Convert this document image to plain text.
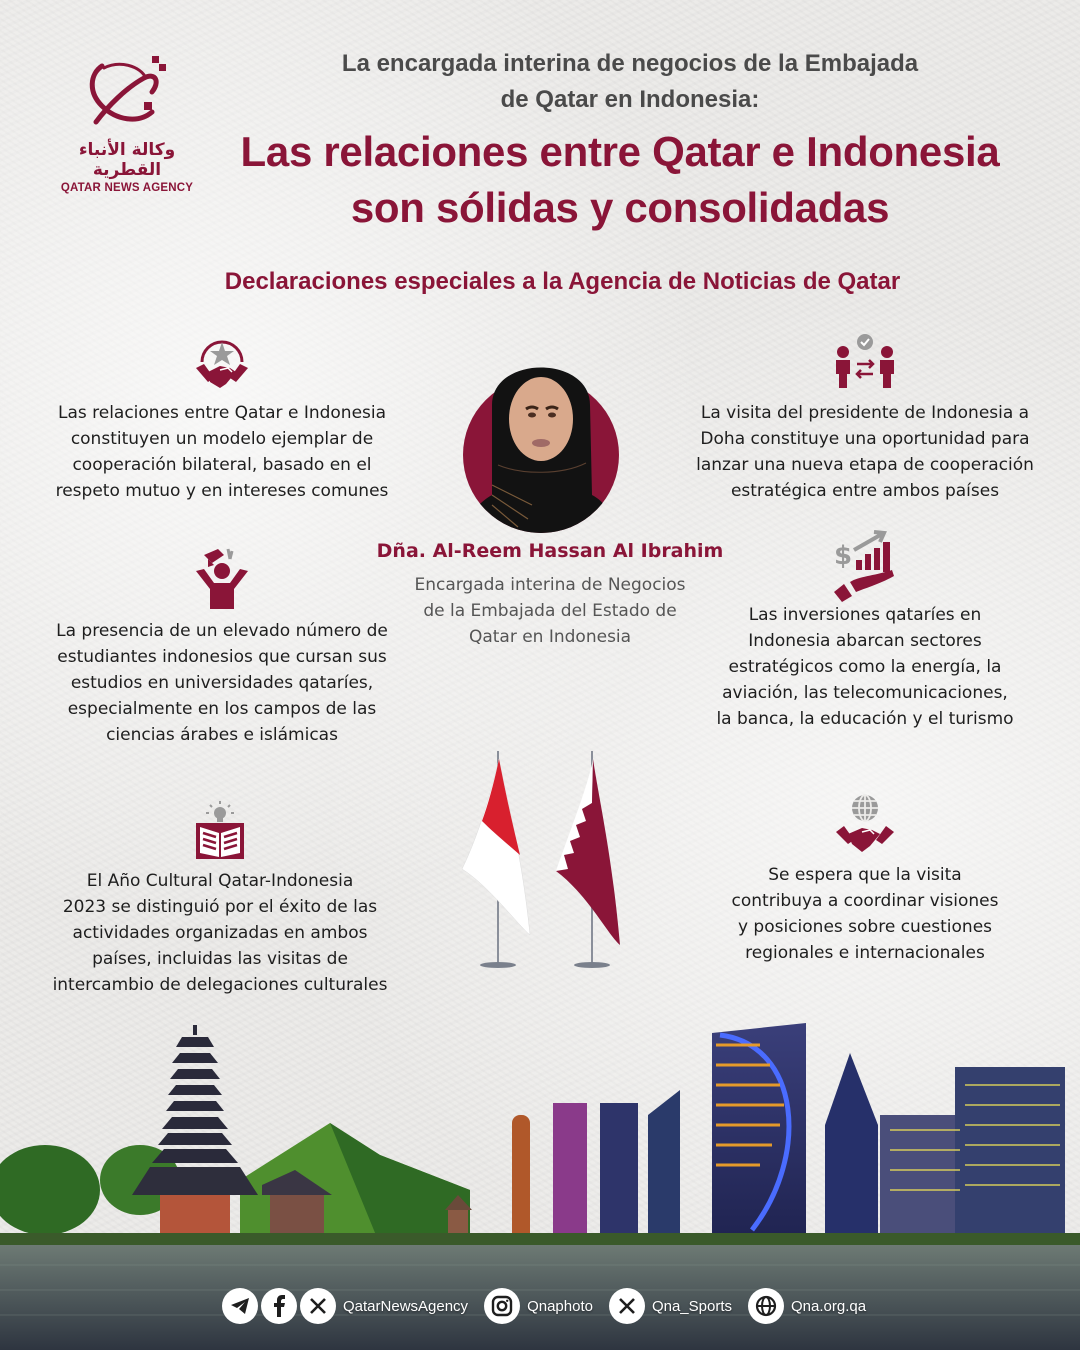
وكالة الأنباء القطرية
QATAR NEWS AGENCY
La encargada interina de negocios de la Embajada
de Qatar en Indonesia:
Las relaciones entre Qatar e Indonesia
son sólidas y consolidadas
Declaraciones especiales a la Agencia de Noticias de Qatar
Las relaciones entre Qatar e Indonesia
constituyen un modelo ejemplar de
cooperación bilateral, basado en el
respeto mutuo y en intereses comunes
La visita del presidente de Indonesia a
Doha constituye una oportunidad para
lanzar una nueva etapa de cooperación
estratégica entre ambos países
La presencia de un elevado número de
estudiantes indonesios que cursan sus
estudios en universidades qataríes,
especialmente en los campos de las
ciencias árabes e islámicas
$
Las inversiones qataríes en
Indonesia abarcan sectores
estratégicos como la energía, la
aviación, las telecomunicaciones,
la banca, la educación y el turismo
El Año Cultural Qatar-Indonesia
2023 se distinguió por el éxito de las
actividades organizadas en ambos
países, incluidas las visitas de
intercambio de delegaciones culturales
Se espera que la visita
contribuya a coordinar visiones
y posiciones sobre cuestiones
regionales e internacionales
Dña. Al-Reem Hassan Al Ibrahim
Encargada interina de Negocios
de la Embajada del Estado de
Qatar en Indonesia
QatarNewsAgency	Qnaphoto	Qna_Sports	Qna.org.qa
